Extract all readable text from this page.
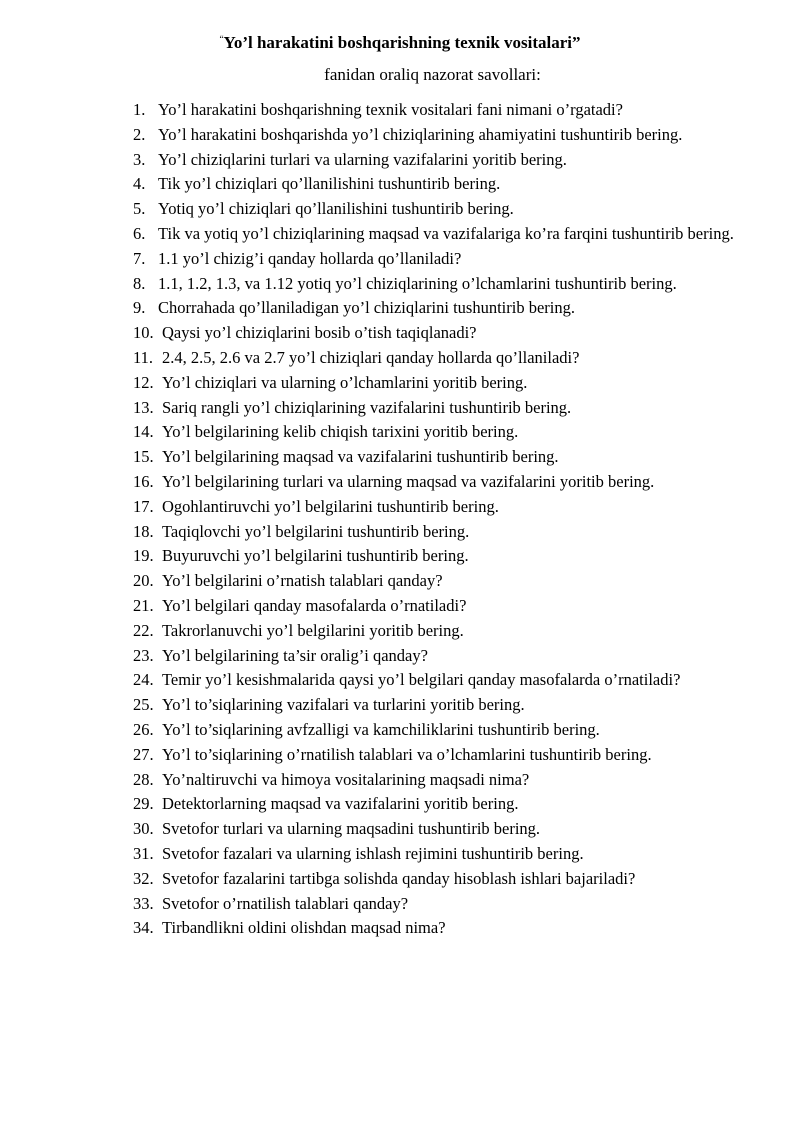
“Yo’l harakatini boshqarishning texnik vositalari”
fanidan oraliq nazorat savollari:
1. Yo’l harakatini boshqarishning texnik vositalari fani nimani o’rgatadi?
2. Yo’l harakatini boshqarishda yo’l chiziqlarining ahamiyatini tushuntirib bering.
3. Yo’l chiziqlarini turlari va ularning vazifalarini yoritib bering.
4. Tik yo’l chiziqlari qo’llanilishini tushuntirib bering.
5. Yotiq yo’l chiziqlari qo’llanilishini tushuntirib bering.
6. Tik va yotiq yo’l chiziqlarining maqsad va vazifalariga ko’ra farqini tushuntirib bering.
7. 1.1 yo’l chizig’i qanday hollarda qo’llaniladi?
8. 1.1, 1.2, 1.3, va 1.12 yotiq yo’l chiziqlarining o’lchamlarini tushuntirib bering.
9. Chorrahada qo’llaniladigan yo’l chiziqlarini tushuntirib bering.
10. Qaysi yo’l chiziqlarini bosib o’tish taqiqlanadi?
11. 2.4, 2.5, 2.6 va 2.7 yo’l chiziqlari qanday hollarda qo’llaniladi?
12. Yo’l chiziqlari va ularning o’lchamlarini yoritib bering.
13. Sariq rangli yo’l chiziqlarining vazifalarini tushuntirib bering.
14. Yo’l belgilarining kelib chiqish tarixini yoritib bering.
15. Yo’l belgilarining maqsad va vazifalarini tushuntirib bering.
16. Yo’l belgilarining turlari va ularning maqsad va vazifalarini yoritib bering.
17. Ogohlantiruvchi yo’l belgilarini tushuntirib bering.
18. Taqiqlovchi yo’l belgilarini tushuntirib bering.
19. Buyuruvchi yo’l belgilarini tushuntirib bering.
20. Yo’l belgilarini o’rnatish talablari qanday?
21. Yo’l belgilari qanday masofalarda o’rnatiladi?
22. Takrorlanuvchi yo’l belgilarini yoritib bering.
23. Yo’l belgilarining ta’sir oralig’i qanday?
24. Temir yo’l kesishmalarida qaysi yo’l belgilari qanday masofalarda o’rnatiladi?
25. Yo’l to’siqlarining vazifalari va turlarini yoritib bering.
26. Yo’l to’siqlarining avfzalligi va kamchiliklarini tushuntirib bering.
27. Yo’l to’siqlarining o’rnatilish talablari va o’lchamlarini tushuntirib bering.
28. Yo’naltiruvchi va himoya vositalarining maqsadi nima?
29. Detektorlarning maqsad va vazifalarini yoritib bering.
30. Svetofor turlari va ularning maqsadini tushuntirib bering.
31. Svetofor fazalari va ularning ishlash rejimini tushuntirib bering.
32. Svetofor fazalarini tartibga solishda qanday hisoblash ishlari bajariladi?
33. Svetofor o’rnatilish talablari qanday?
34. Tirbandlikni oldini olishdan maqsad nima?
